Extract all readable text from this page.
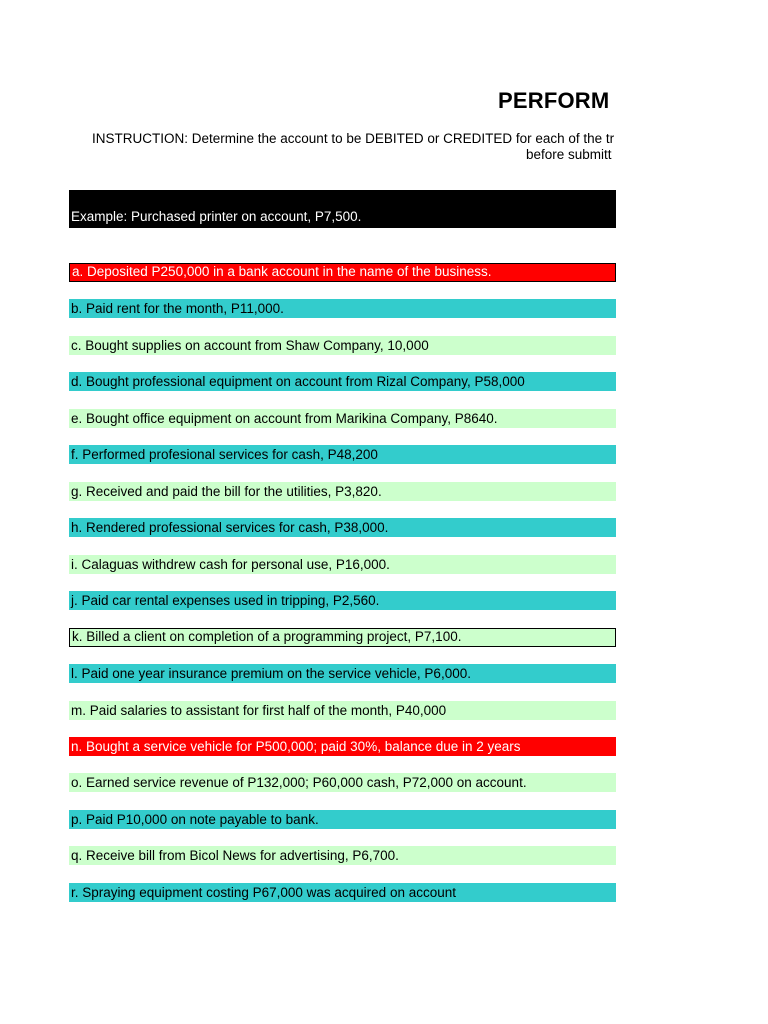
PERFORM
INSTRUCTION: Determine the account to be DEBITED or CREDITED for each of the tr
before submitt
Example: Purchased printer on account, P7,500.
a. Deposited P250,000 in a bank account in the name of the business.
b. Paid rent for the month, P11,000.
c. Bought supplies on account from Shaw Company, 10,000
d. Bought professional equipment on account from Rizal Company, P58,000
e. Bought office equipment on account from Marikina Company, P8640.
f. Performed profesional services for cash, P48,200
g. Received and paid the bill for the utilities, P3,820.
h. Rendered professional services for cash, P38,000.
i. Calaguas withdrew cash for personal use, P16,000.
j. Paid car rental expenses used in tripping, P2,560.
k. Billed a client on completion of a programming project, P7,100.
l. Paid one year insurance premium on the service vehicle, P6,000.
m. Paid salaries to assistant for first half of the month, P40,000
n. Bought a service vehicle for P500,000; paid 30%, balance due in 2 years
o. Earned service revenue of P132,000; P60,000 cash, P72,000 on account.
p. Paid P10,000 on note payable to bank.
q. Receive bill from Bicol News for advertising, P6,700.
r. Spraying equipment costing P67,000 was acquired on account
